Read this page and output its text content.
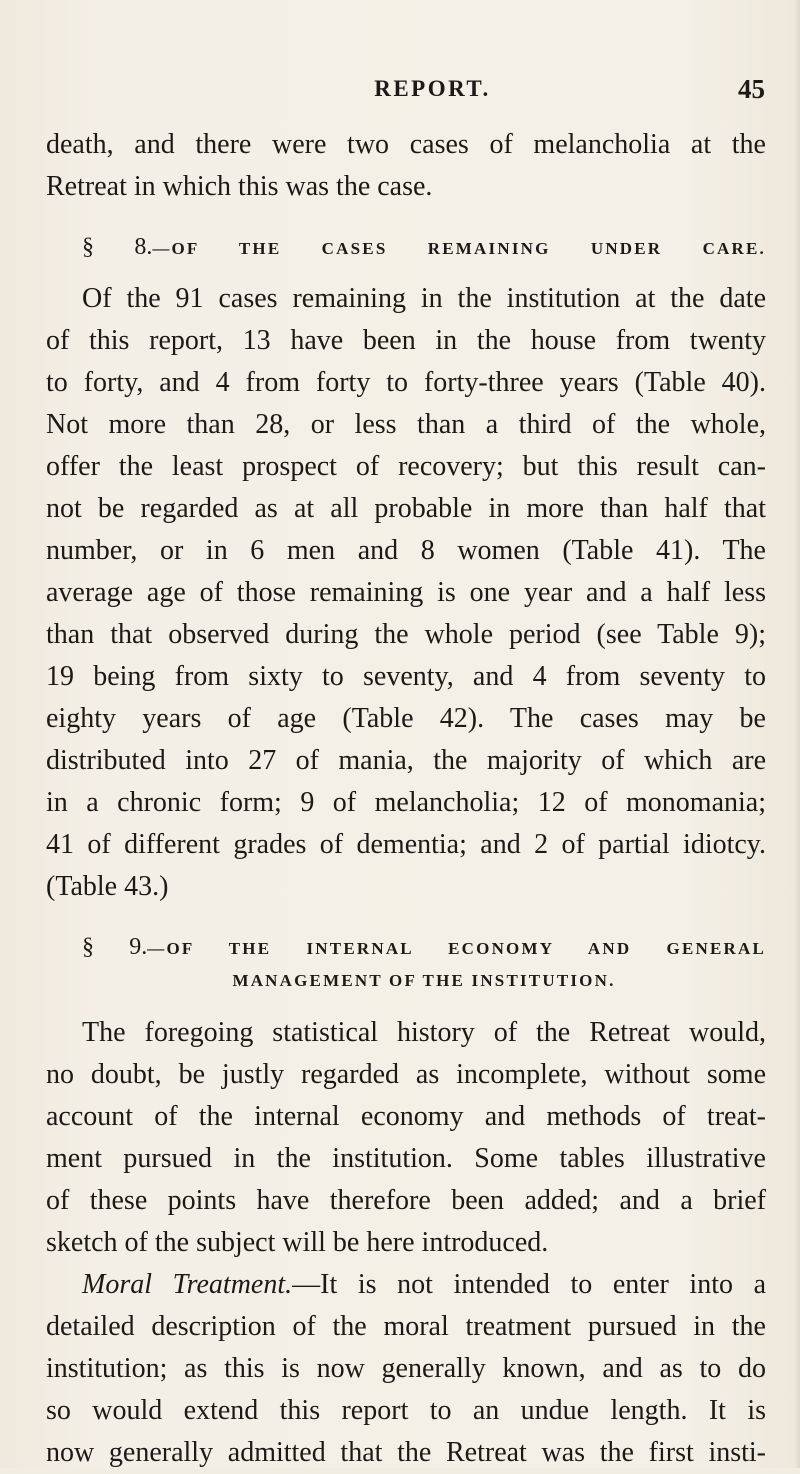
REPORT.	45
death, and there were two cases of melancholia at the
Retreat in which this was the case.
§ 8.—OF THE CASES REMAINING UNDER CARE.
Of the 91 cases remaining in the institution at the date
of this report, 13 have been in the house from twenty
to forty, and 4 from forty to forty-three years (Table 40).
Not more than 28, or less than a third of the whole,
offer the least prospect of recovery; but this result can-
not be regarded as at all probable in more than half that
number, or in 6 men and 8 women (Table 41). The
average age of those remaining is one year and a half less
than that observed during the whole period (see Table 9);
19 being from sixty to seventy, and 4 from seventy to
eighty years of age (Table 42). The cases may be
distributed into 27 of mania, the majority of which are
in a chronic form; 9 of melancholia; 12 of monomania;
41 of different grades of dementia; and 2 of partial idiotcy.
(Table 43.)
§ 9.—OF THE INTERNAL ECONOMY AND GENERAL
MANAGEMENT OF THE INSTITUTION.
The foregoing statistical history of the Retreat would,
no doubt, be justly regarded as incomplete, without some
account of the internal economy and methods of treat-
ment pursued in the institution. Some tables illustrative
of these points have therefore been added; and a brief
sketch of the subject will be here introduced.
Moral Treatment.—It is not intended to enter into a
detailed description of the moral treatment pursued in the
institution; as this is now generally known, and as to do
so would extend this report to an undue length. It is
now generally admitted that the Retreat was the first insti-
